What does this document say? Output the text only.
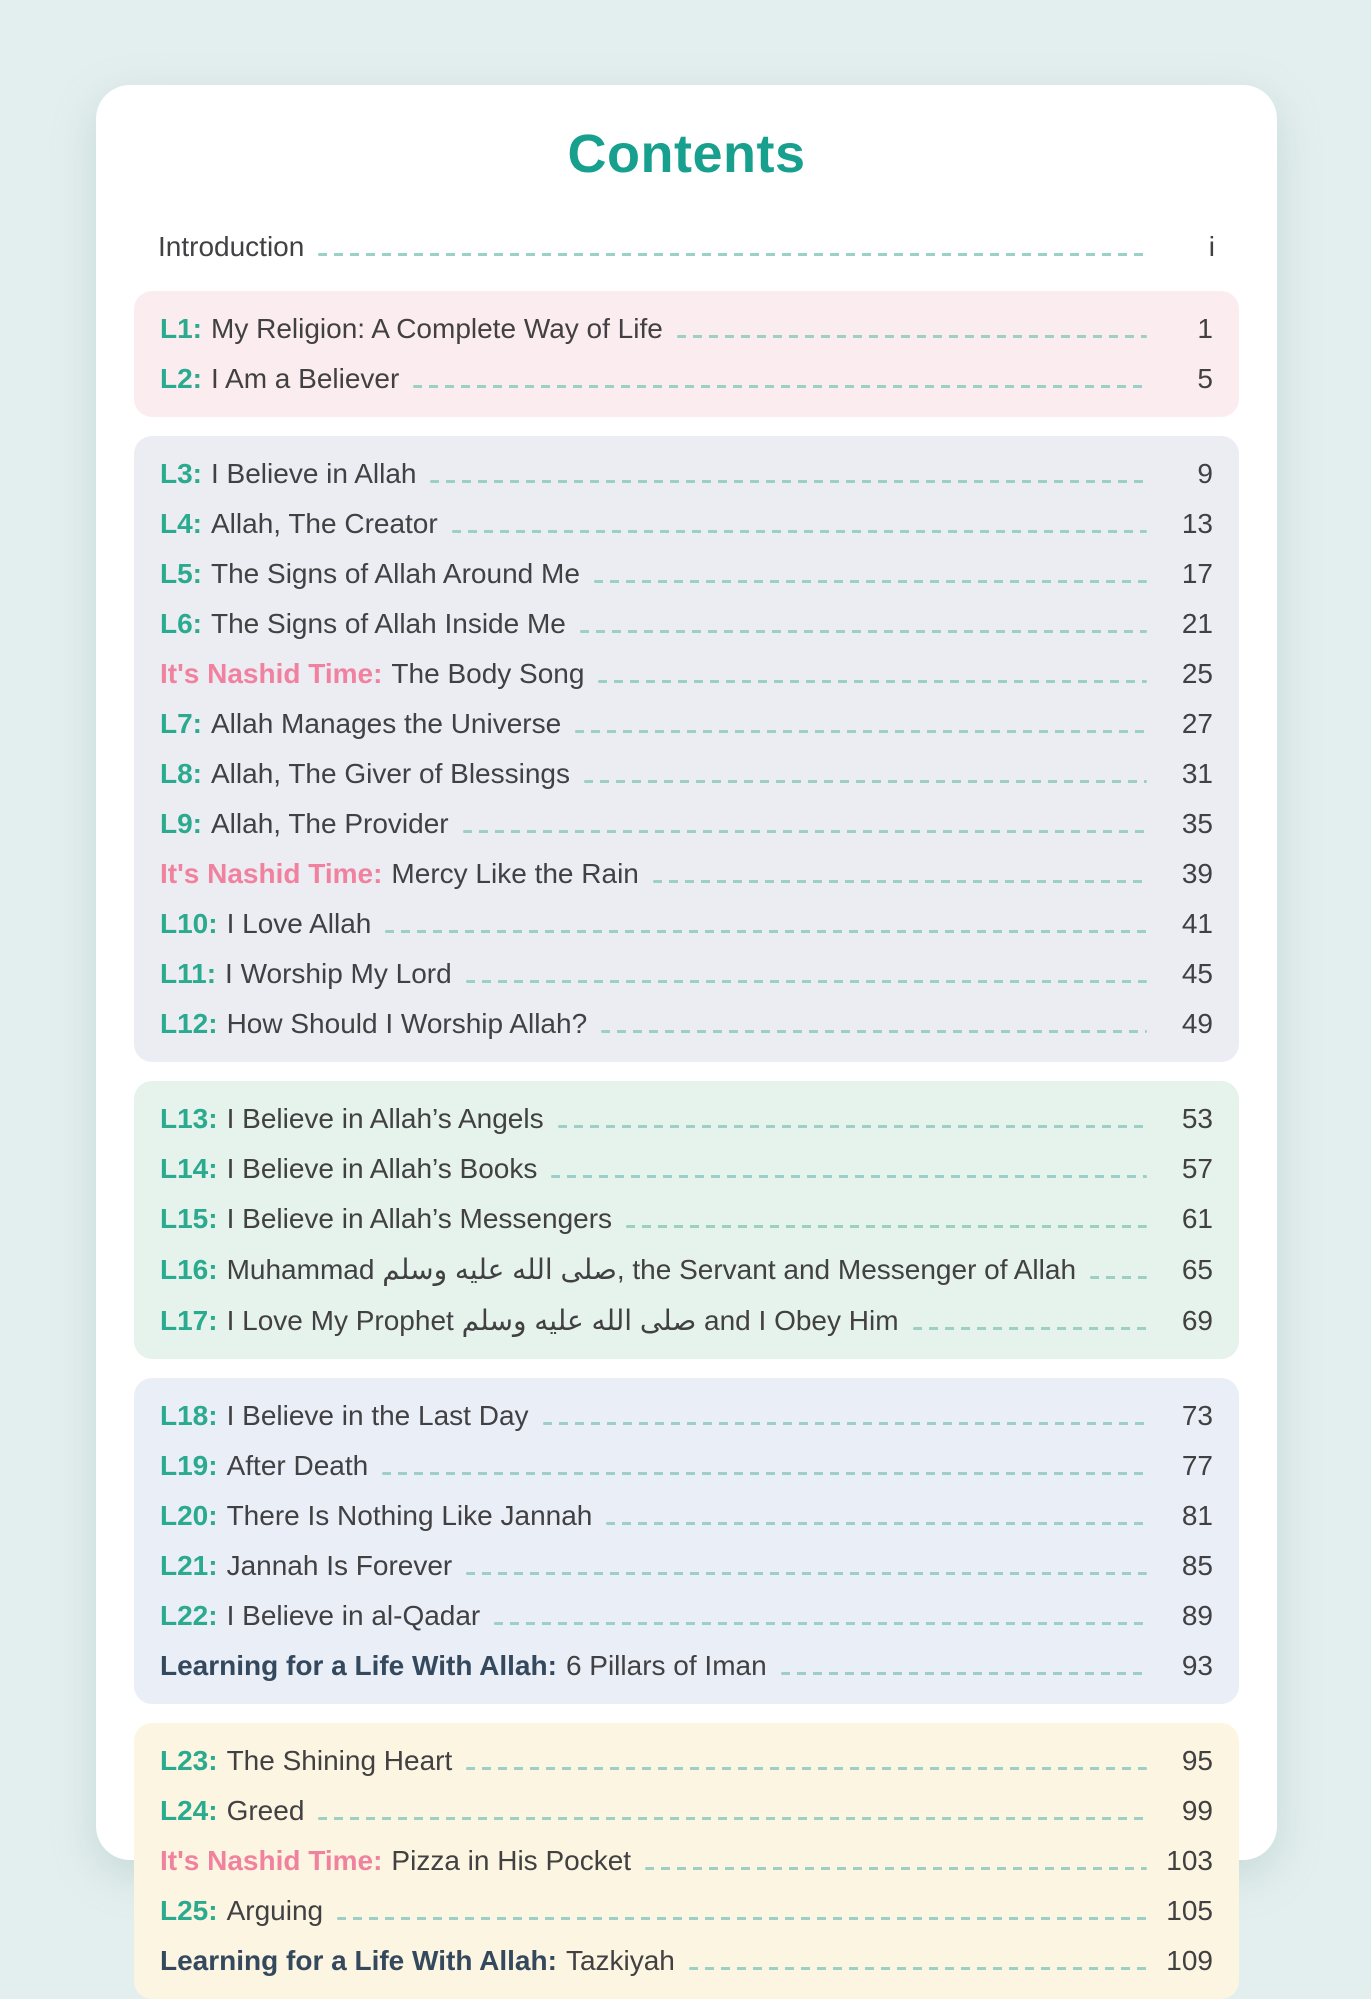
Contents
Introduction	i
L1: My Religion: A Complete Way of Life	1
L2: I Am a Believer	5
L3: I Believe in Allah	9
L4: Allah, The Creator	13
L5: The Signs of Allah Around Me	17
L6: The Signs of Allah Inside Me	21
It's Nashid Time: The Body Song	25
L7: Allah Manages the Universe	27
L8: Allah, The Giver of Blessings	31
L9: Allah, The Provider	35
It's Nashid Time: Mercy Like the Rain	39
L10: I Love Allah	41
L11: I Worship My Lord	45
L12: How Should I Worship Allah?	49
L13: I Believe in Allah’s Angels	53
L14: I Believe in Allah’s Books	57
L15: I Believe in Allah’s Messengers	61
L16: Muhammad صلى الله عليه وسلم, the Servant and Messenger of Allah	65
L17: I Love My Prophet صلى الله عليه وسلم and I Obey Him	69
L18: I Believe in the Last Day	73
L19: After Death	77
L20: There Is Nothing Like Jannah	81
L21: Jannah Is Forever	85
L22: I Believe in al-Qadar	89
Learning for a Life With Allah: 6 Pillars of Iman	93
L23: The Shining Heart	95
L24: Greed	99
It's Nashid Time: Pizza in His Pocket	103
L25: Arguing	105
Learning for a Life With Allah: Tazkiyah	109
